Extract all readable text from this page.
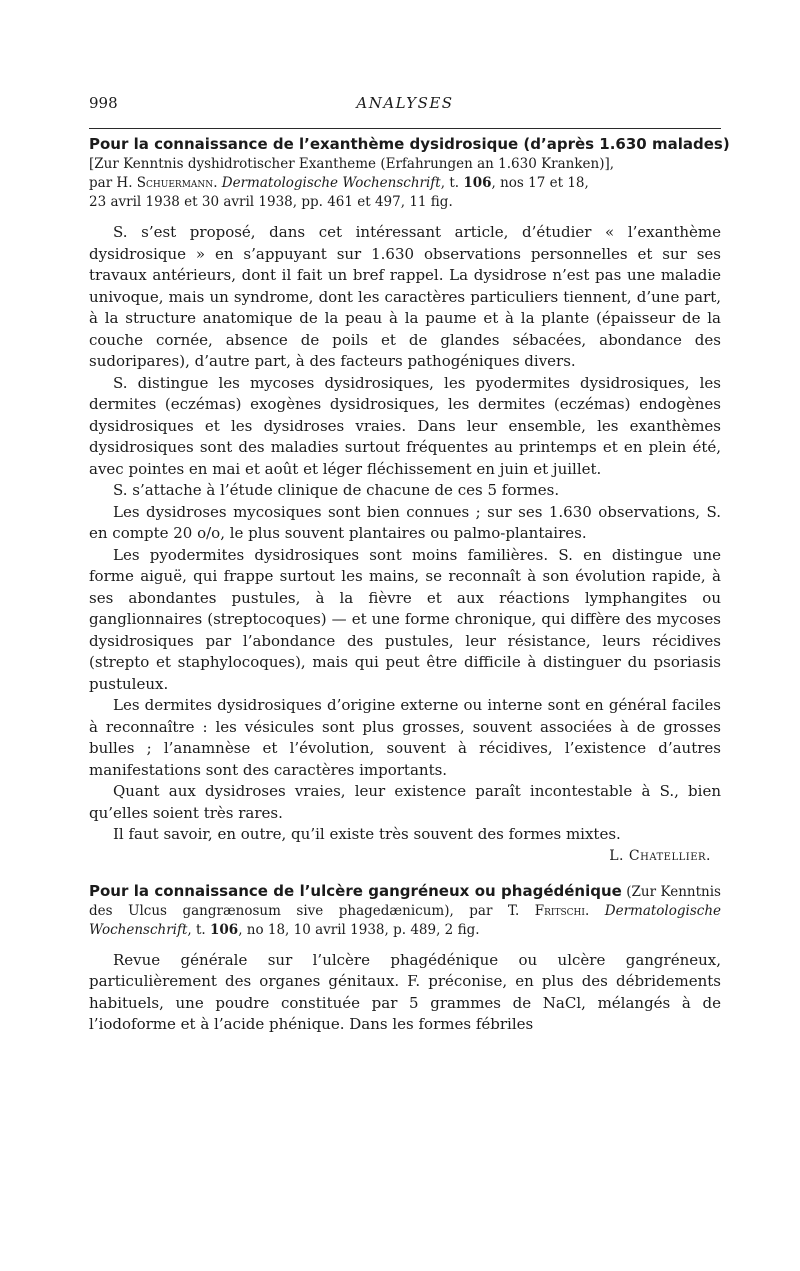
998	ANALYSES
Pour la connaissance de l’exanthème dysidrosique (d’après 1.630 malades)
[Zur Kenntnis dyshidrotischer Exantheme (Erfahrungen an 1.630 Kranken)],
par H. Schuermann. Dermatologische Wochenschrift, t. 106, nos 17 et 18,
23 avril 1938 et 30 avril 1938, pp. 461 et 497, 11 fig.

S. s’est proposé, dans cet intéressant article, d’étudier « l’exanthème dysidrosique » en s’appuyant sur 1.630 observations personnelles et sur ses travaux antérieurs, dont il fait un bref rappel. La dysidrose n’est pas une maladie univoque, mais un syndrome, dont les caractères particuliers tiennent, d’une part, à la structure anatomique de la peau à la paume et à la plante (épaisseur de la couche cornée, absence de poils et de glandes sébacées, abondance des sudoripares), d’autre part, à des facteurs pathogéniques divers.

S. distingue les mycoses dysidrosiques, les pyodermites dysidrosiques, les dermites (eczémas) exogènes dysidrosiques, les dermites (eczémas) endogènes dysidrosiques et les dysidroses vraies. Dans leur ensemble, les exanthèmes dysidrosiques sont des maladies surtout fréquentes au printemps et en plein été, avec pointes en mai et août et léger fléchissement en juin et juillet.

S. s’attache à l’étude clinique de chacune de ces 5 formes.

Les dysidroses mycosiques sont bien connues ; sur ses 1.630 observations, S. en compte 20 o/o, le plus souvent plantaires ou palmo-plantaires.

Les pyodermites dysidrosiques sont moins familières. S. en distingue une forme aiguë, qui frappe surtout les mains, se reconnaît à son évolution rapide, à ses abondantes pustules, à la fièvre et aux réactions lymphangites ou ganglionnaires (streptocoques) — et une forme chronique, qui diffère des mycoses dysidrosiques par l’abondance des pustules, leur résistance, leurs récidives (strepto et staphylocoques), mais qui peut être difficile à distinguer du psoriasis pustuleux.

Les dermites dysidrosiques d’origine externe ou interne sont en général faciles à reconnaître : les vésicules sont plus grosses, souvent associées à de grosses bulles ; l’anamnèse et l’évolution, souvent à récidives, l’existence d’autres manifestations sont des caractères importants.

Quant aux dysidroses vraies, leur existence paraît incontestable à S., bien qu’elles soient très rares.

Il faut savoir, en outre, qu’il existe très souvent des formes mixtes.

L. Chatellier.
Pour la connaissance de l’ulcère gangréneux ou phagédénique (Zur Kenntnis des Ulcus gangrænosum sive phagedænicum), par T. Fritschi. Dermatologische Wochenschrift, t. 106, no 18, 10 avril 1938, p. 489, 2 fig.

Revue générale sur l’ulcère phagédénique ou ulcère gangréneux, particulièrement des organes génitaux. F. préconise, en plus des débridements habituels, une poudre constituée par 5 grammes de NaCl, mélangés à de l’iodoforme et à l’acide phénique. Dans les formes fébriles
